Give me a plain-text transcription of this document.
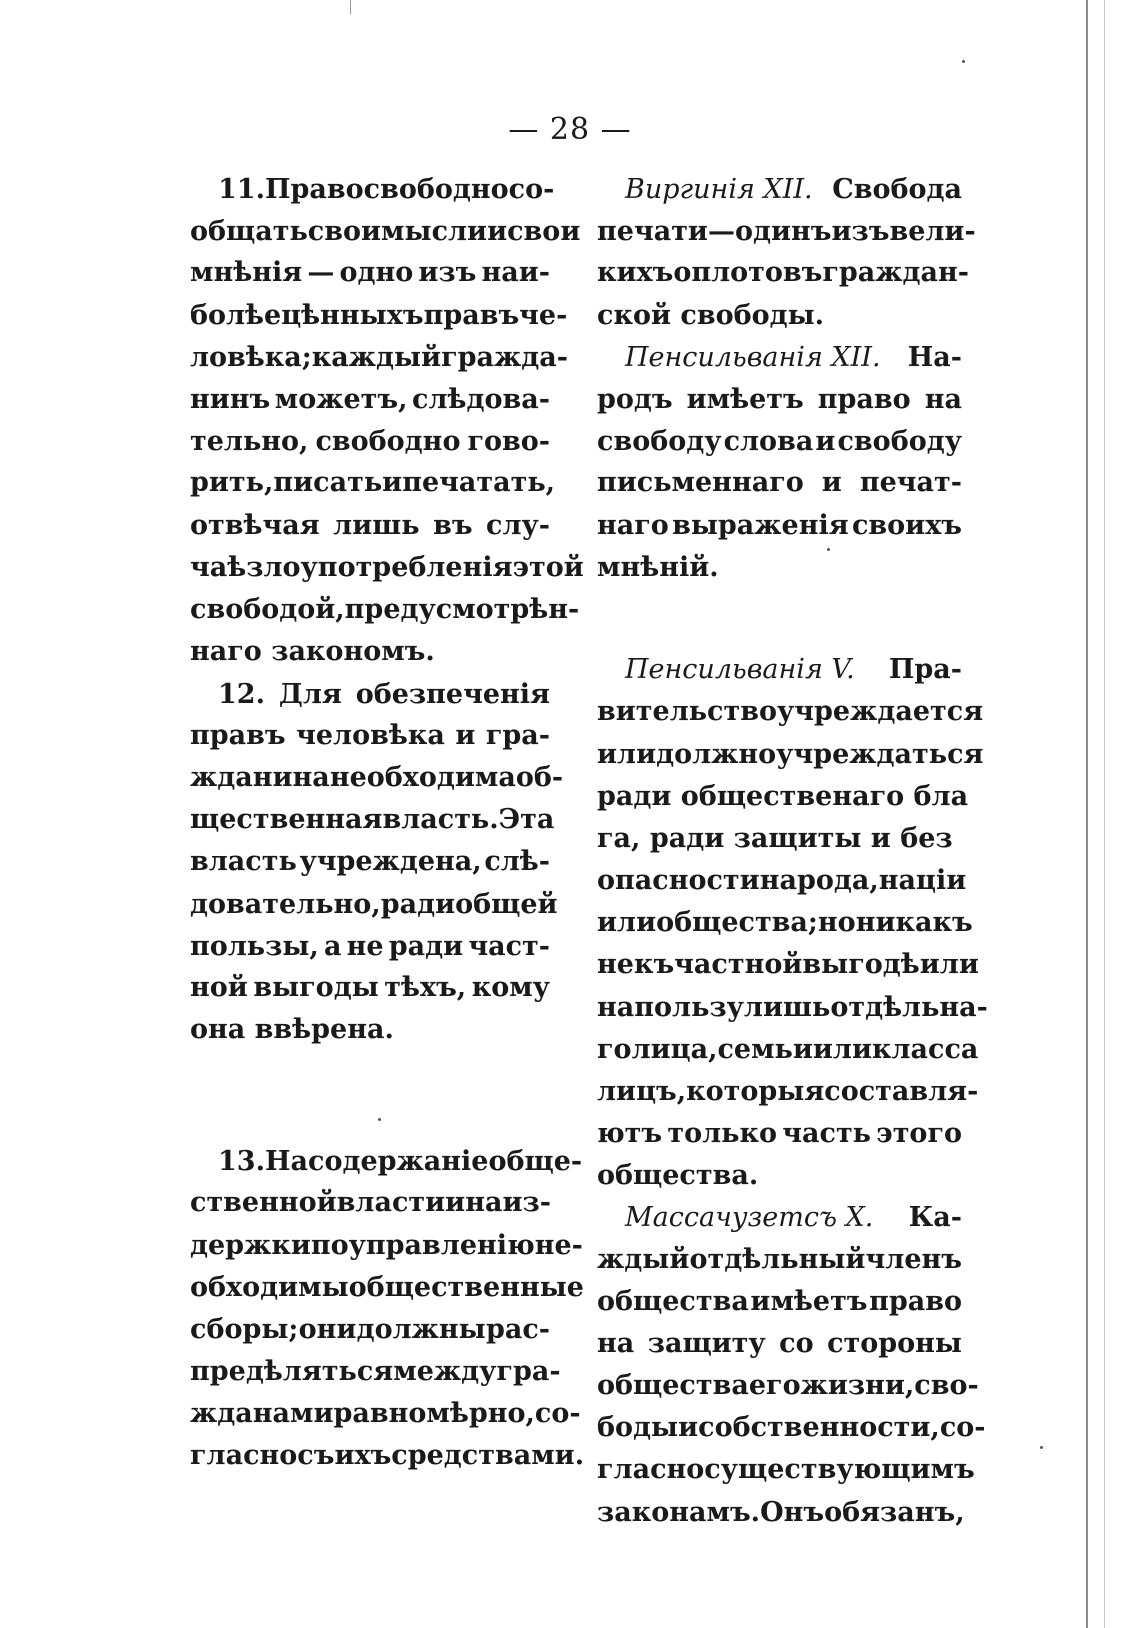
— 28 —
11. Право свободно со-
общать свои мысли и свои
мнѣнія — одно изъ наи-
болѣе цѣнныхъ правъ че-
ловѣка; каждый гражда-
нинъ можетъ, слѣдова-
тельно, свободно гово-
рить, писать и печатать,
отвѣчая лишь въ слу-
чаѣ злоупотребленія этой
свободой, предусмотрѣн-
наго закономъ.
12. Для обезпеченія
правъ человѣка и гра-
жданина необходима об-
щественная власть. Эта
власть учреждена, слѣ-
довательно, ради общей
пользы, а не ради част-
ной выгоды тѣхъ, кому
она ввѣрена.
13. На содержаніе обще-
ственной власти и на из-
держки по управленію не-
обходимы общественные
сборы; они должны рас-
предѣляться между гра-
жданами равномѣрно, со-
гласно съ ихъ средствами.
Виргинія XII. Свобода
печати—одинъ изъ вели-
кихъ оплотовъ граждан-
ской свободы.
Пенсильванія XII. На-
родъ имѣетъ право на
свободу слова и свободу
письменнаго и печат-
наго выраженія своихъ
мнѣній.
Пенсильванія V. Пра-
вительство учреждается
или должно учреждаться
ради общественаго бла
га, ради защиты и без
опасности народа, націи
или общества; но никакъ
не къ частной выгодѣ или
на пользу лишь отдѣльна-
го лица, семьи или класса
лицъ, которыя составля-
ютъ только часть этого
общества.
Массачузетсъ X. Ка-
ждый отдѣльный членъ
общества имѣетъ право
на защиту со стороны
общества его жизни, сво-
боды и собственности, со-
гласно существующимъ
законамъ. Онъ обязанъ,
